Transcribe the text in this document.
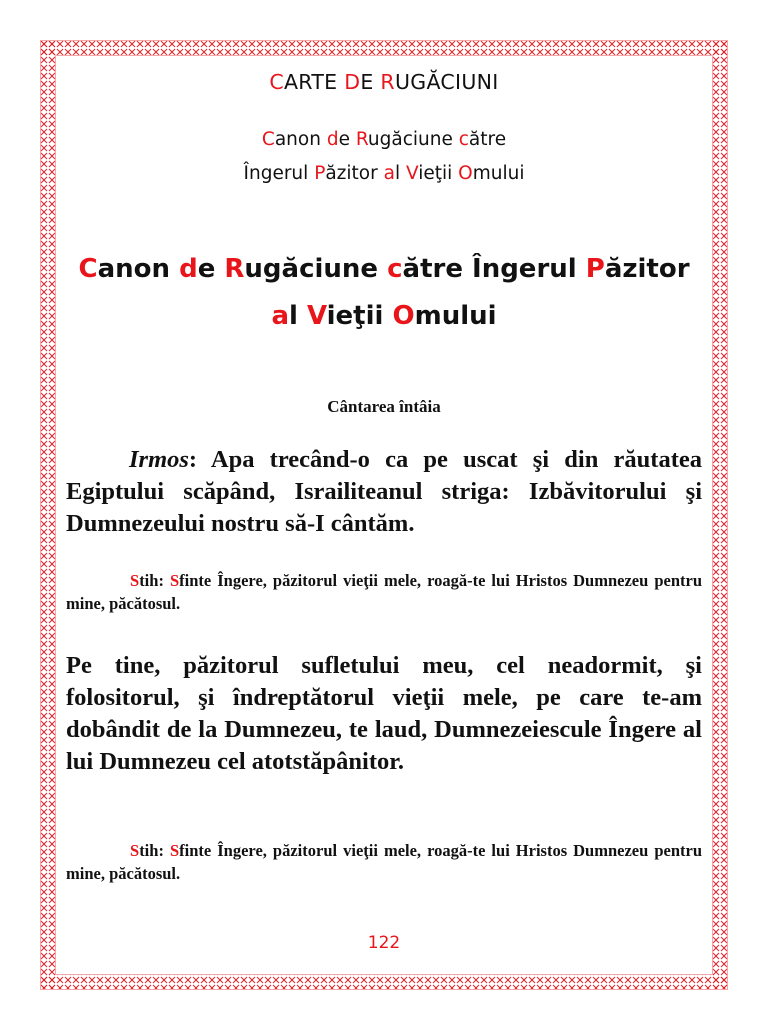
CARTE DE RUGĂCIUNI
Canon de Rugăciune către
Îngerul Păzitor al Vieţii Omului
Canon de Rugăciune către Îngerul Păzitor
al Vieţii Omului
Cântarea întâia
Irmos: Apa trecând-o ca pe uscat şi din răutatea Egiptului scăpând, Israiliteanul striga: Izbăvitorului şi Dumnezeului nostru să-I cântăm.
Stih: Sfinte Îngere, păzitorul vieţii mele, roagă-te lui Hristos Dumnezeu pentru mine, păcătosul.
Pe tine, păzitorul sufletului meu, cel neadormit, şi folositorul, şi îndreptătorul vieţii mele, pe care te-am dobândit de la Dumnezeu, te laud, Dumnezeiescule Îngere al lui Dumnezeu cel atotstăpânitor.
Stih: Sfinte Îngere, păzitorul vieţii mele, roagă-te lui Hristos Dumnezeu pentru mine, păcătosul.
122
